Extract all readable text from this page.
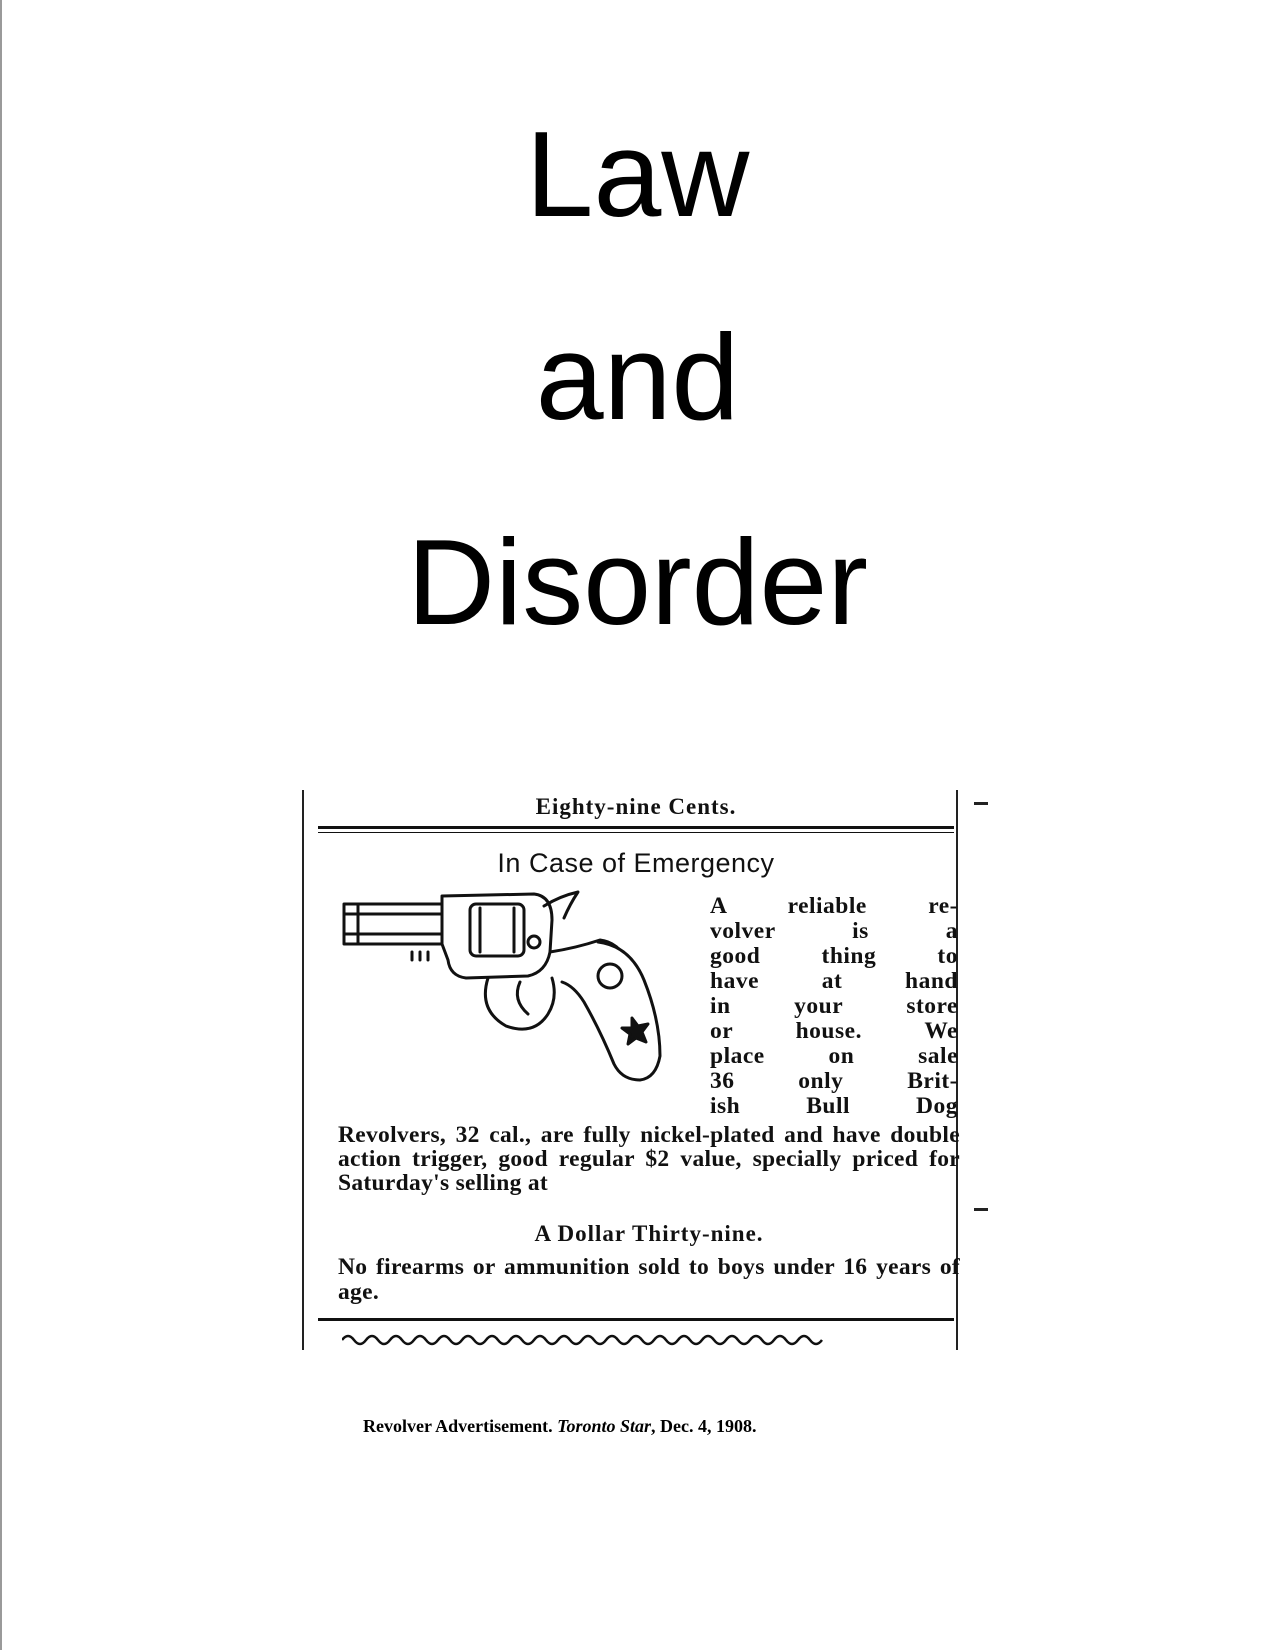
Law
and
Disorder
Eighty-nine Cents.
In Case of Emergency
A reliable re-
volver is a
good thing to
have at hand
in your store
or house. We
place on sale
36 only Brit-
ish Bull Dog
Revolvers, 32 cal., are fully nickel-plated and have double action trigger, good regular $2 value, specially priced for Saturday's selling at
A Dollar Thirty-nine.
No firearms or ammunition sold to boys under 16 years of age.
Revolver Advertisement. Toronto Star, Dec. 4, 1908.
